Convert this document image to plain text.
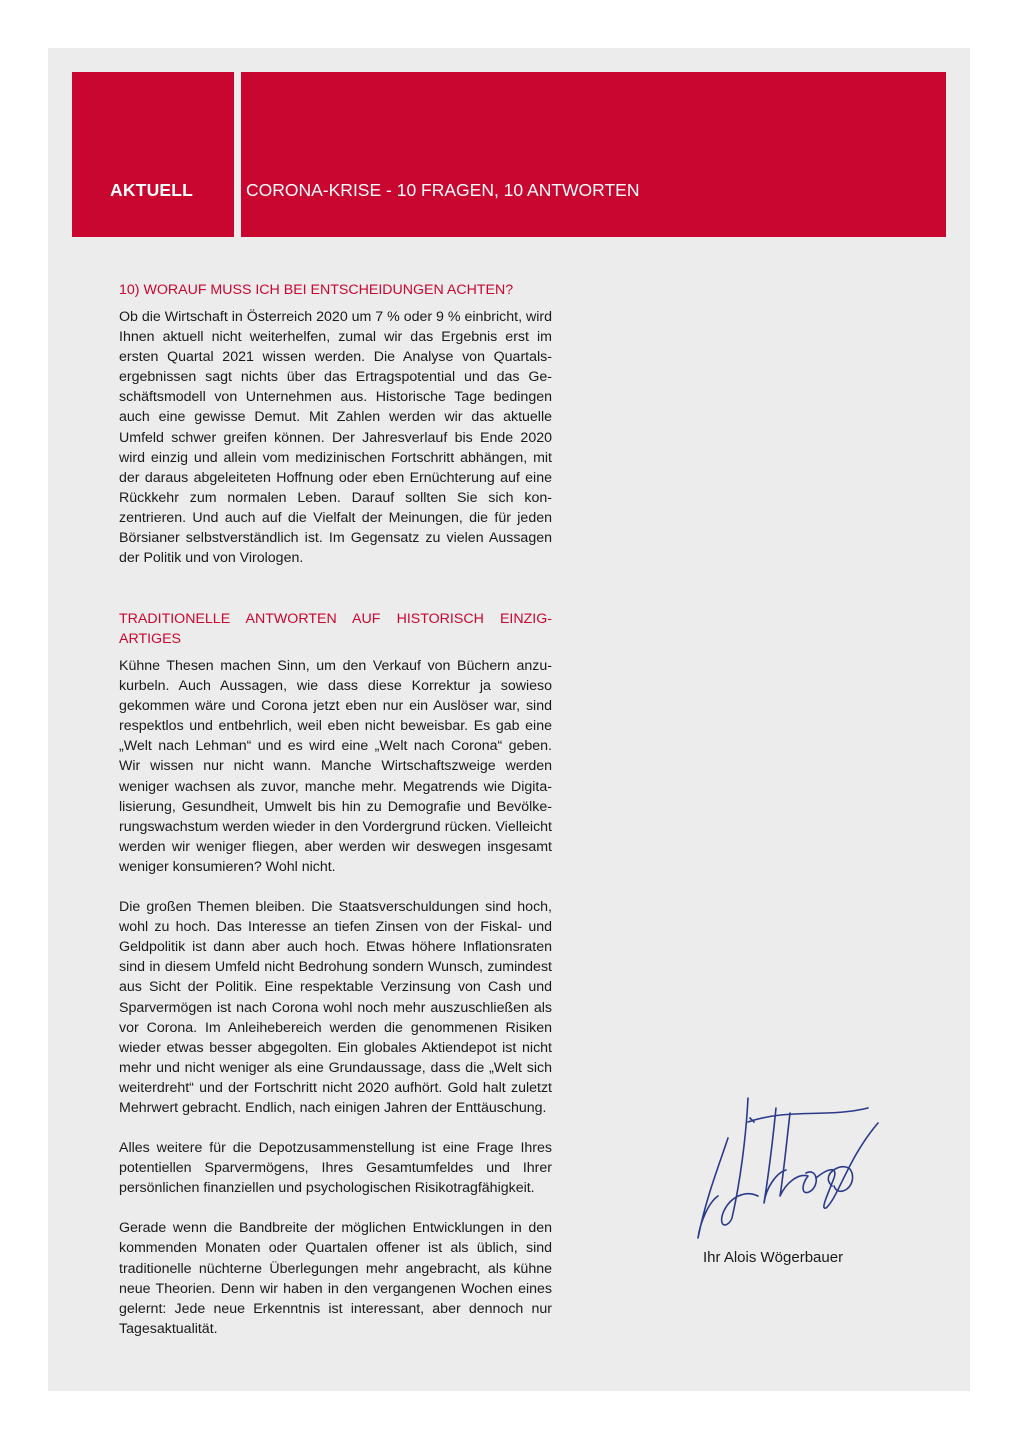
AKTUELL	CORONA-KRISE - 10 FRAGEN, 10 ANTWORTEN

10) WORAUF MUSS ICH BEI ENTSCHEIDUNGEN ACHTEN?

Ob die Wirtschaft in Österreich 2020 um 7 % oder 9 % einbricht, wird Ihnen aktuell nicht weiterhelfen, zumal wir das Ergebnis erst im ersten Quartal 2021 wissen werden. Die Analyse von Quartalsergebnissen sagt nichts über das Ertragspotential und das Geschäftsmodell von Unternehmen aus. Historische Tage bedingen auch eine gewisse Demut. Mit Zahlen werden wir das aktuelle Umfeld schwer greifen können. Der Jahresverlauf bis Ende 2020 wird einzig und allein vom medizinischen Fortschritt abhängen, mit der daraus abgeleiteten Hoffnung oder eben Ernüchterung auf eine Rückkehr zum normalen Leben. Darauf sollten Sie sich konzentrieren. Und auch auf die Vielfalt der Meinungen, die für jeden Börsianer selbstverständlich ist. Im Gegensatz zu vielen Aussagen der Politik und von Virologen.

TRADITIONELLE ANTWORTEN AUF HISTORISCH EINZIGARTIGES

Kühne Thesen machen Sinn, um den Verkauf von Büchern anzukurbeln. Auch Aussagen, wie dass diese Korrektur ja sowieso gekommen wäre und Corona jetzt eben nur ein Auslöser war, sind respektlos und entbehrlich, weil eben nicht beweisbar. Es gab eine „Welt nach Lehman“ und es wird eine „Welt nach Corona“ geben. Wir wissen nur nicht wann. Manche Wirtschaftszweige werden weniger wachsen als zuvor, manche mehr. Megatrends wie Digitalisierung, Gesundheit, Umwelt bis hin zu Demografie und Bevölkerungswachstum werden wieder in den Vordergrund rücken. Vielleicht werden wir weniger fliegen, aber werden wir deswegen insgesamt weniger konsumieren? Wohl nicht.

Die großen Themen bleiben. Die Staatsverschuldungen sind hoch, wohl zu hoch. Das Interesse an tiefen Zinsen von der Fiskal- und Geldpolitik ist dann aber auch hoch. Etwas höhere Inflationsraten sind in diesem Umfeld nicht Bedrohung sondern Wunsch, zumindest aus Sicht der Politik. Eine respektable Verzinsung von Cash und Sparvermögen ist nach Corona wohl noch mehr auszuschließen als vor Corona. Im Anleihebereich werden die genommenen Risiken wieder etwas besser abgegolten. Ein globales Aktiendepot ist nicht mehr und nicht weniger als eine Grundaussage, dass die „Welt sich weiterdreht“ und der Fortschritt nicht 2020 aufhört. Gold halt zuletzt Mehrwert gebracht. Endlich, nach einigen Jahren der Enttäuschung.

Alles weitere für die Depotzusammenstellung ist eine Frage Ihres potentiellen Sparvermögens, Ihres Gesamtumfeldes und Ihrer persönlichen finanziellen und psychologischen Risikotragfähigkeit.

Gerade wenn die Bandbreite der möglichen Entwicklungen in den kommenden Monaten oder Quartalen offener ist als üblich, sind traditionelle nüchterne Überlegungen mehr angebracht, als kühne neue Theorien. Denn wir haben in den vergangenen Wochen eines gelernt: Jede neue Erkenntnis ist interessant, aber dennoch nur Tagesaktualität.

Ihr Alois Wögerbauer
